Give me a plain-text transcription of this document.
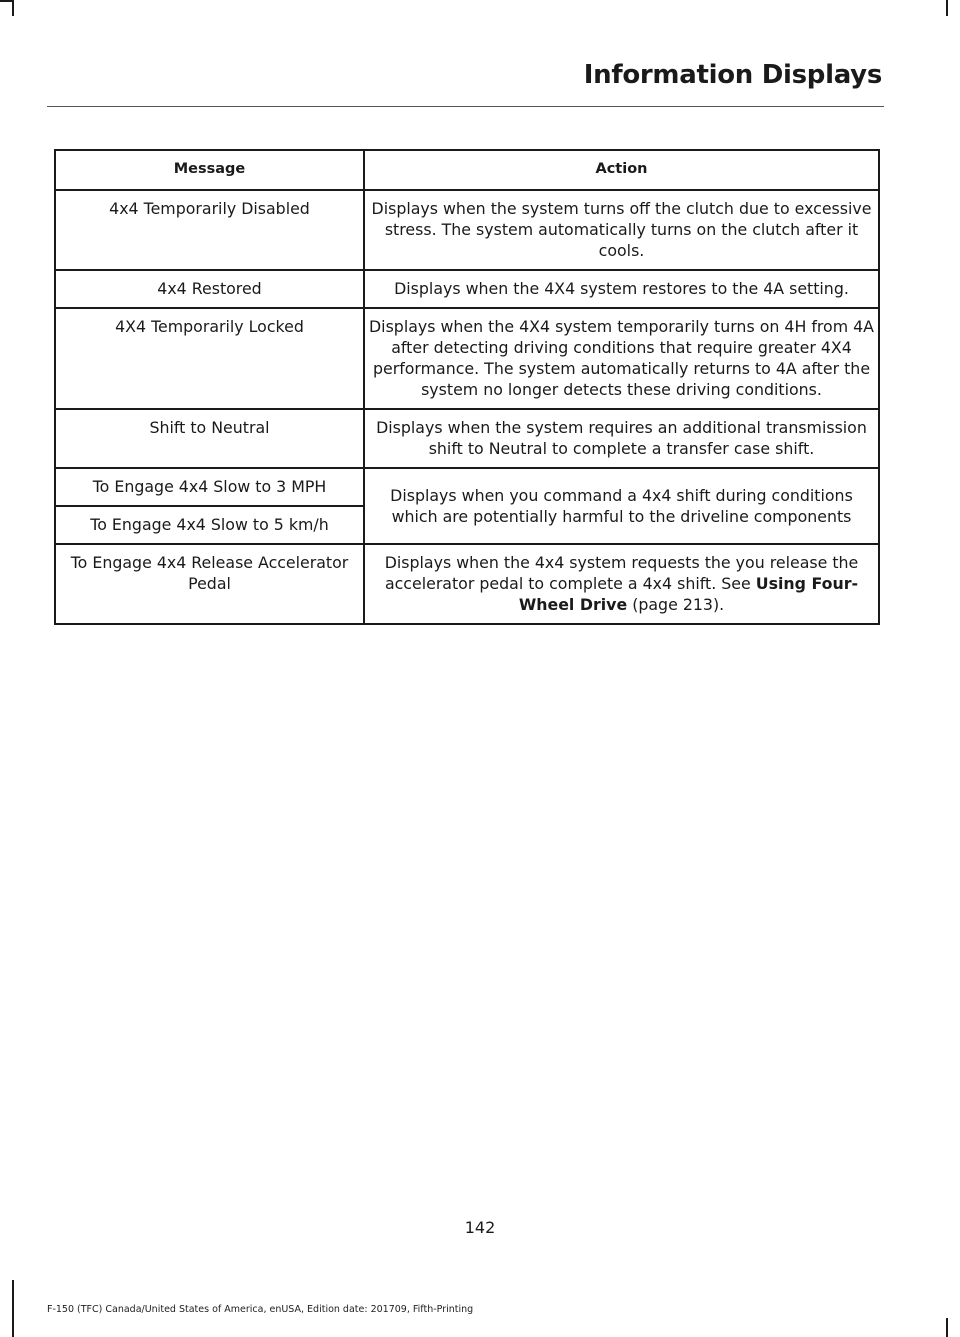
Information Displays
Message	Action
4x4 Temporarily Disabled	Displays when the system turns off the clutch due to excessive stress. The system automatically turns on the clutch after it cools.
4x4 Restored	Displays when the 4X4 system restores to the 4A setting.
4X4 Temporarily Locked	Displays when the 4X4 system temporarily turns on 4H from 4A after detecting driving conditions that require greater 4X4 performance. The system automatically returns to 4A after the system no longer detects these driving conditions.
Shift to Neutral	Displays when the system requires an additional transmission shift to Neutral to complete a transfer case shift.
To Engage 4x4 Slow to 3 MPH	Displays when you command a 4x4 shift during conditions which are potentially harmful to the driveline components
To Engage 4x4 Slow to 5 km/h	
To Engage 4x4 Release Accelerator Pedal	Displays when the 4x4 system requests the you release the accelerator pedal to complete a 4x4 shift. See Using Four-Wheel Drive (page 213).
142
F-150 (TFC) Canada/United States of America, enUSA, Edition date: 201709, Fifth-Printing
